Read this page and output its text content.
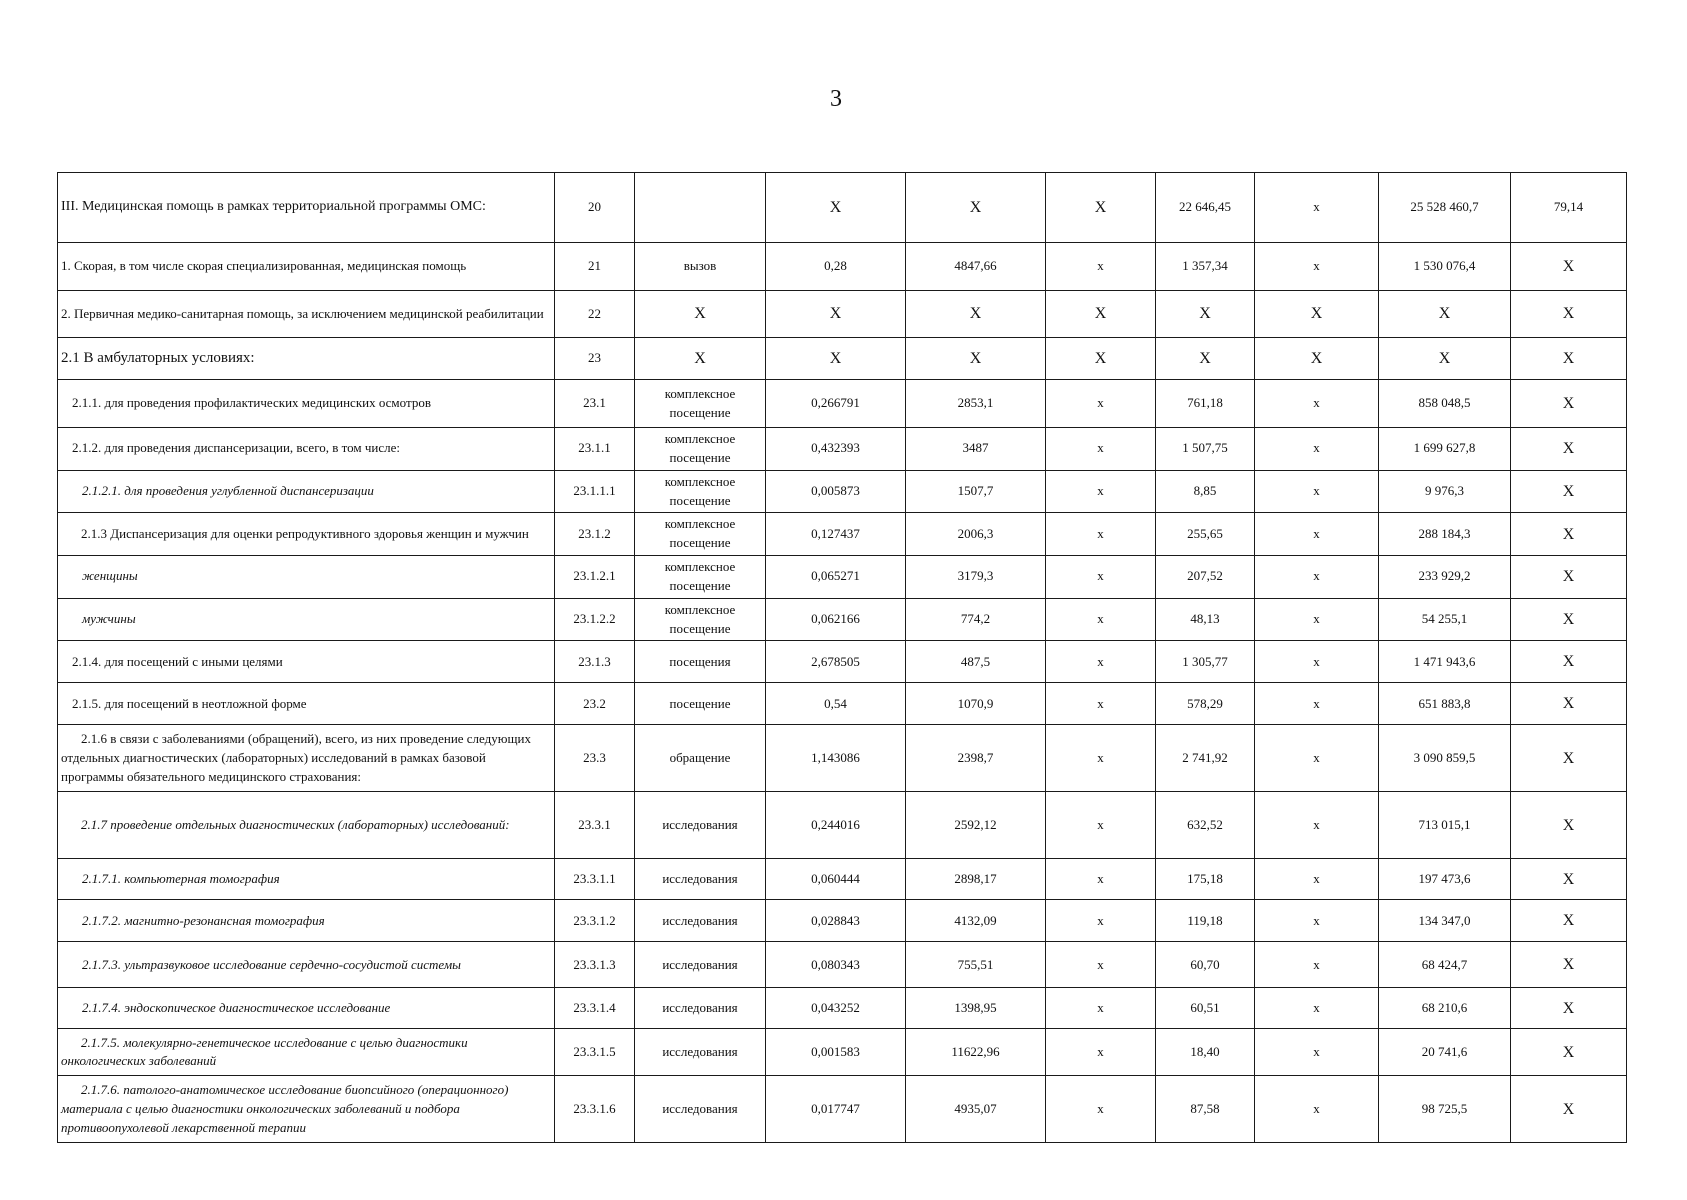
3
III. Медицинская помощь в рамках территориальной программы ОМС:	20		X	X	X	22 646,45	x	25 528 460,7	79,14
1. Скорая, в том числе скорая специализированная, медицинская помощь	21	вызов	0,28	4847,66	x	1 357,34	x	1 530 076,4	X
2. Первичная медико-санитарная помощь, за исключением медицинской реабилитации	22	X	X	X	X	X	X	X	X
2.1 В амбулаторных условиях:	23	X	X	X	X	X	X	X	X
2.1.1. для проведения профилактических медицинских осмотров	23.1	комплексное посещение	0,266791	2853,1	x	761,18	x	858 048,5	X
2.1.2. для проведения диспансеризации, всего, в том числе:	23.1.1	комплексное посещение	0,432393	3487	x	1 507,75	x	1 699 627,8	X
2.1.2.1. для проведения углубленной диспансеризации	23.1.1.1	комплексное посещение	0,005873	1507,7	x	8,85	x	9 976,3	X
2.1.3 Диспансеризация для оценки репродуктивного здоровья женщин и мужчин	23.1.2	комплексное посещение	0,127437	2006,3	x	255,65	x	288 184,3	X
женщины	23.1.2.1	комплексное посещение	0,065271	3179,3	x	207,52	x	233 929,2	X
мужчины	23.1.2.2	комплексное посещение	0,062166	774,2	x	48,13	x	54 255,1	X
2.1.4. для посещений с иными целями	23.1.3	посещения	2,678505	487,5	x	1 305,77	x	1 471 943,6	X
2.1.5. для посещений в неотложной форме	23.2	посещение	0,54	1070,9	x	578,29	x	651 883,8	X
2.1.6 в связи с заболеваниями (обращений), всего, из них проведение следующих отдельных диагностических (лабораторных) исследований в рамках базовой программы обязательного медицинского страхования:	23.3	обращение	1,143086	2398,7	x	2 741,92	x	3 090 859,5	X
2.1.7 проведение отдельных диагностических (лабораторных) исследований:	23.3.1	исследования	0,244016	2592,12	x	632,52	x	713 015,1	X
2.1.7.1. компьютерная томография	23.3.1.1	исследования	0,060444	2898,17	x	175,18	x	197 473,6	X
2.1.7.2. магнитно-резонансная томография	23.3.1.2	исследования	0,028843	4132,09	x	119,18	x	134 347,0	X
2.1.7.3. ультразвуковое исследование сердечно-сосудистой системы	23.3.1.3	исследования	0,080343	755,51	x	60,70	x	68 424,7	X
2.1.7.4. эндоскопическое диагностическое исследование	23.3.1.4	исследования	0,043252	1398,95	x	60,51	x	68 210,6	X
2.1.7.5. молекулярно-генетическое исследование с целью диагностики онкологических заболеваний	23.3.1.5	исследования	0,001583	11622,96	x	18,40	x	20 741,6	X
2.1.7.6. патолого-анатомическое исследование биопсийного (операционного) материала с целью диагностики онкологических заболеваний и подбора противоопухолевой лекарственной терапии	23.3.1.6	исследования	0,017747	4935,07	x	87,58	x	98 725,5	X
